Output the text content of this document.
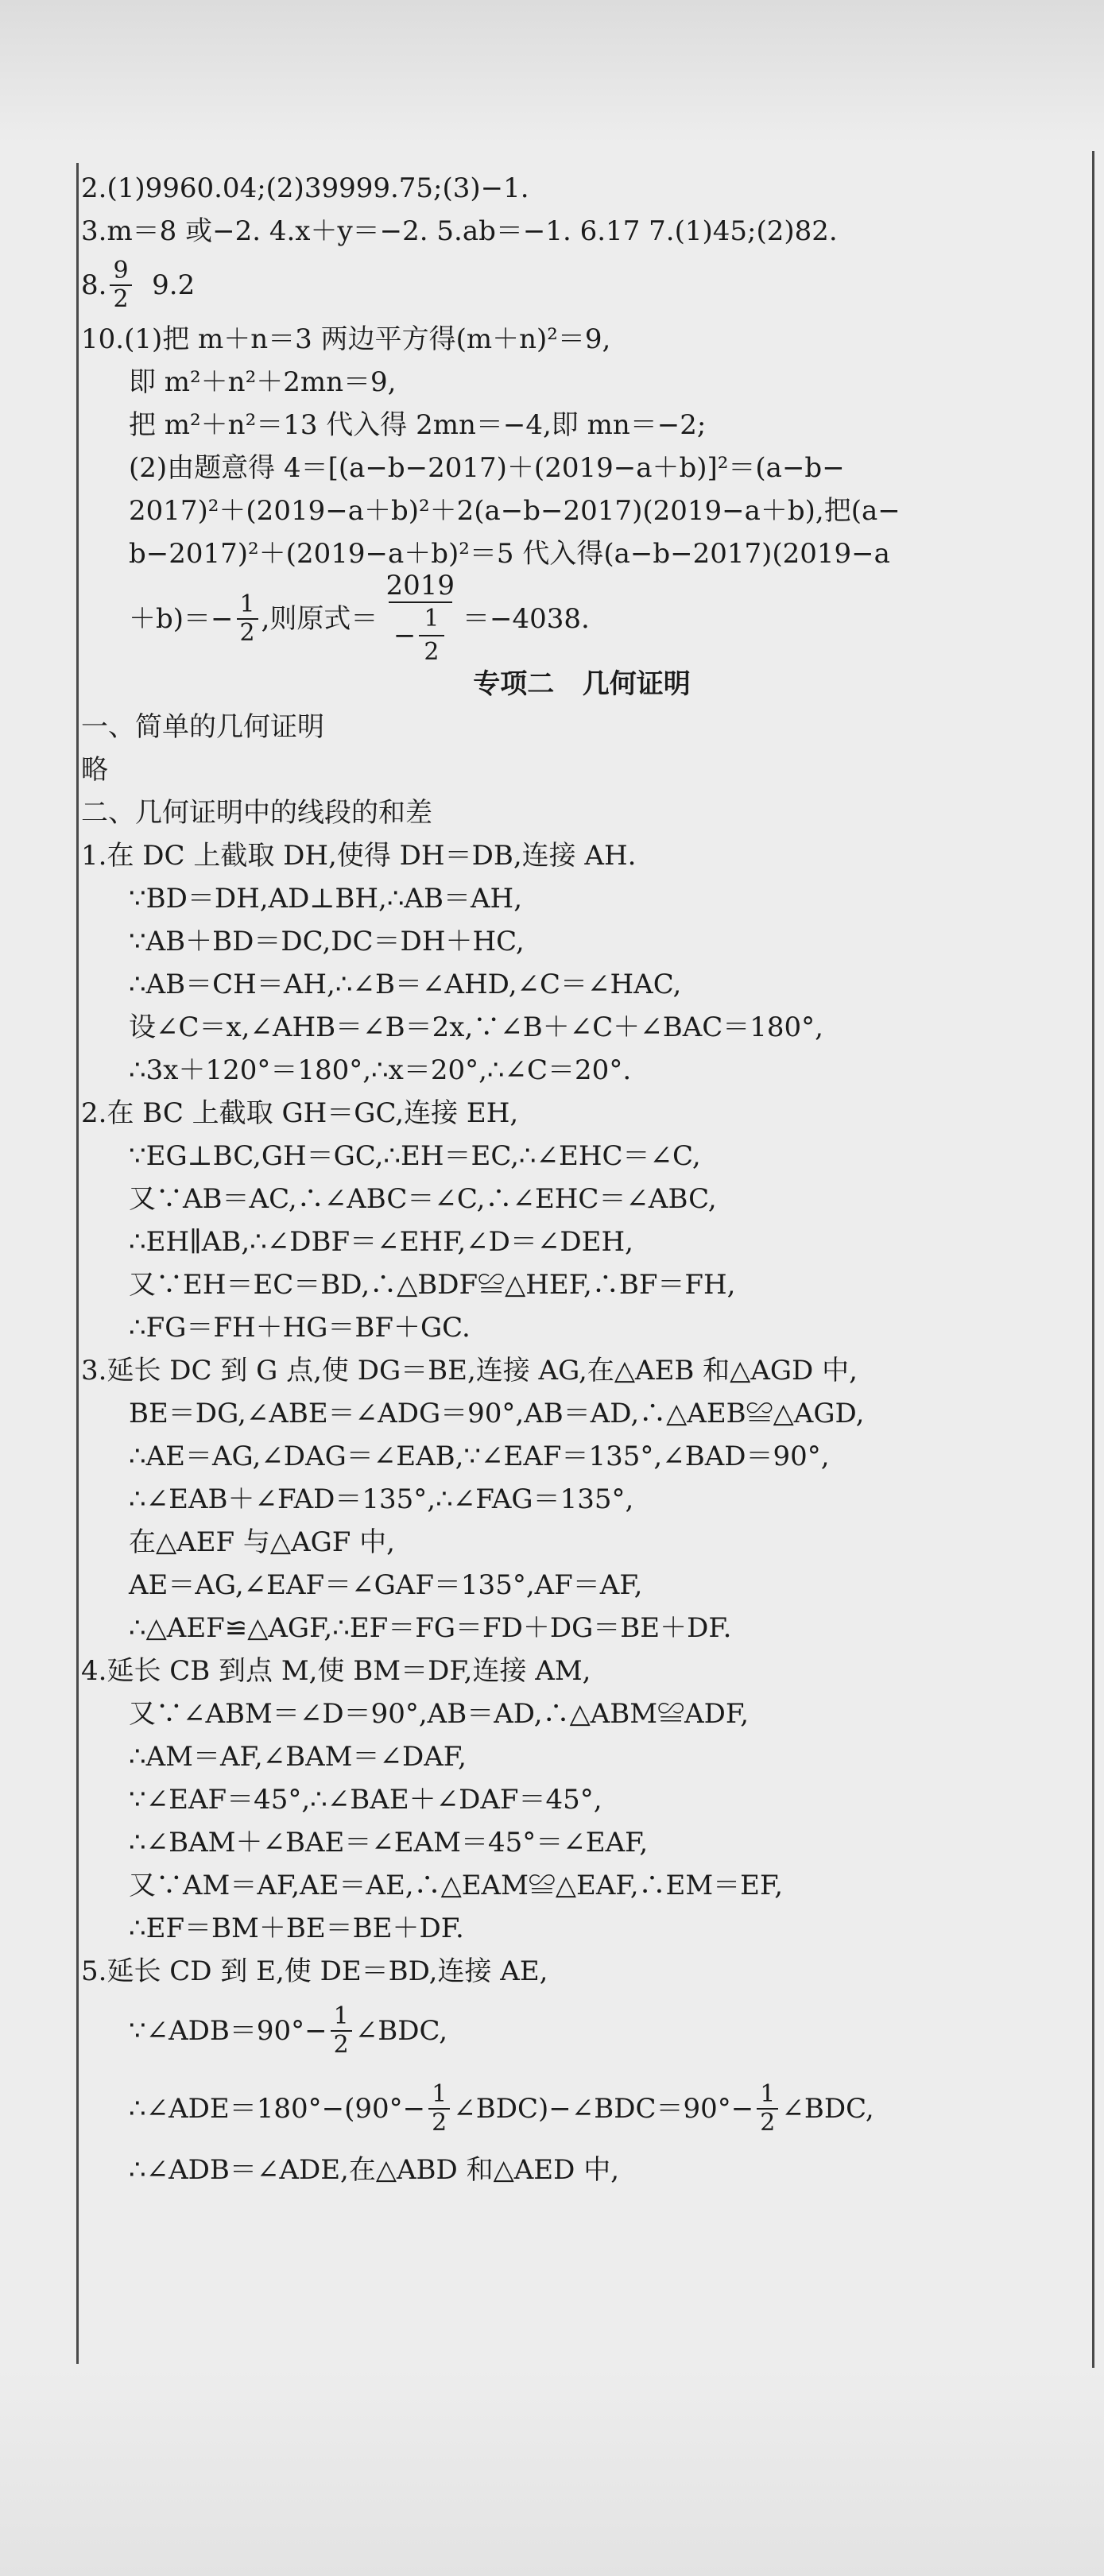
2.(1)9960.04;(2)39999.75;(3)−1.
3.m＝8 或−2. 4.x＋y＝−2. 5.ab＝−1. 6.17 7.(1)45;(2)82.
8. $\frac{9}{2} 9.2$
10.(1)把 m＋n＝3 两边平方得(m＋n)²＝9,
即 m²＋n²＋2mn＝9,
把 m²＋n²＝13 代入得 2mn＝−4,即 mn＝−2;
(2)由题意得 4＝[(a−b−2017)＋(2019−a＋b)]²＝(a−b−
2017)²＋(2019−a＋b)²＋2(a−b−2017)(2019−a＋b),把(a−
b−2017)²＋(2019−a＋b)²＝5 代入得(a−b−2017)(2019−a
$+b)=- \frac{1}{2}$ ,则原式＝ $\frac{2019}{- \frac{1}{2}} =-4038$.
专项二   几何证明
一、简单的几何证明
略
二、几何证明中的线段的和差
1.在 DC 上截取 DH,使得 DH＝DB,连接 AH.
∵BD＝DH,AD⊥BH,∴AB＝AH,
∵AB＋BD＝DC,DC＝DH＋HC,
∴AB＝CH＝AH,∴∠B＝∠AHD,∠C＝∠HAC,
设∠C＝x,∠AHB＝∠B＝2x,∵∠B＋∠C＋∠BAC＝180°,
∴3x＋120°＝180°,∴x＝20°,∴∠C＝20°.
2.在 BC 上截取 GH＝GC,连接 EH,
∵EG⊥BC,GH＝GC,∴EH＝EC,∴∠EHC＝∠C,
又∵AB＝AC,∴∠ABC＝∠C,∴∠EHC＝∠ABC,
∴EH∥AB,∴∠DBF＝∠EHF,∠D＝∠DEH,
又∵EH＝EC＝BD,∴△BDF≌△HEF,∴BF＝FH,
∴FG＝FH＋HG＝BF＋GC.
3.延长 DC 到 G 点,使 DG＝BE,连接 AG,在△AEB 和△AGD 中,
BE＝DG,∠ABE＝∠ADG＝90°,AB＝AD,∴△AEB≌△AGD,
∴AE＝AG,∠DAG＝∠EAB,∵∠EAF＝135°,∠BAD＝90°,
∴∠EAB＋∠FAD＝135°,∴∠FAG＝135°,
在△AEF 与△AGF 中,
AE＝AG,∠EAF＝∠GAF＝135°,AF＝AF,
∴△AEF≌△AGF,∴EF＝FG＝FD＋DG＝BE＋DF.
4.延长 CB 到点 M,使 BM＝DF,连接 AM,
又∵∠ABM＝∠D＝90°,AB＝AD,∴△ABM≌ADF,
∴AM＝AF,∠BAM＝∠DAF,
∵∠EAF＝45°,∴∠BAE＋∠DAF＝45°,
∴∠BAM＋∠BAE＝∠EAM＝45°＝∠EAF,
又∵AM＝AF,AE＝AE,∴△EAM≌△EAF,∴EM＝EF,
∴EF＝BM＋BE＝BE＋DF.
5.延长 CD 到 E,使 DE＝BD,连接 AE,
∵∠ADB＝90°− $\frac{1}{2}$ ∠BDC,
∴∠ADE＝180°−(90°− $\frac{1}{2}$ ∠BDC)−∠BDC＝90°− $\frac{1}{2}$ ∠BDC,
∴∠ADB＝∠ADE,在△ABD 和△AED 中,
